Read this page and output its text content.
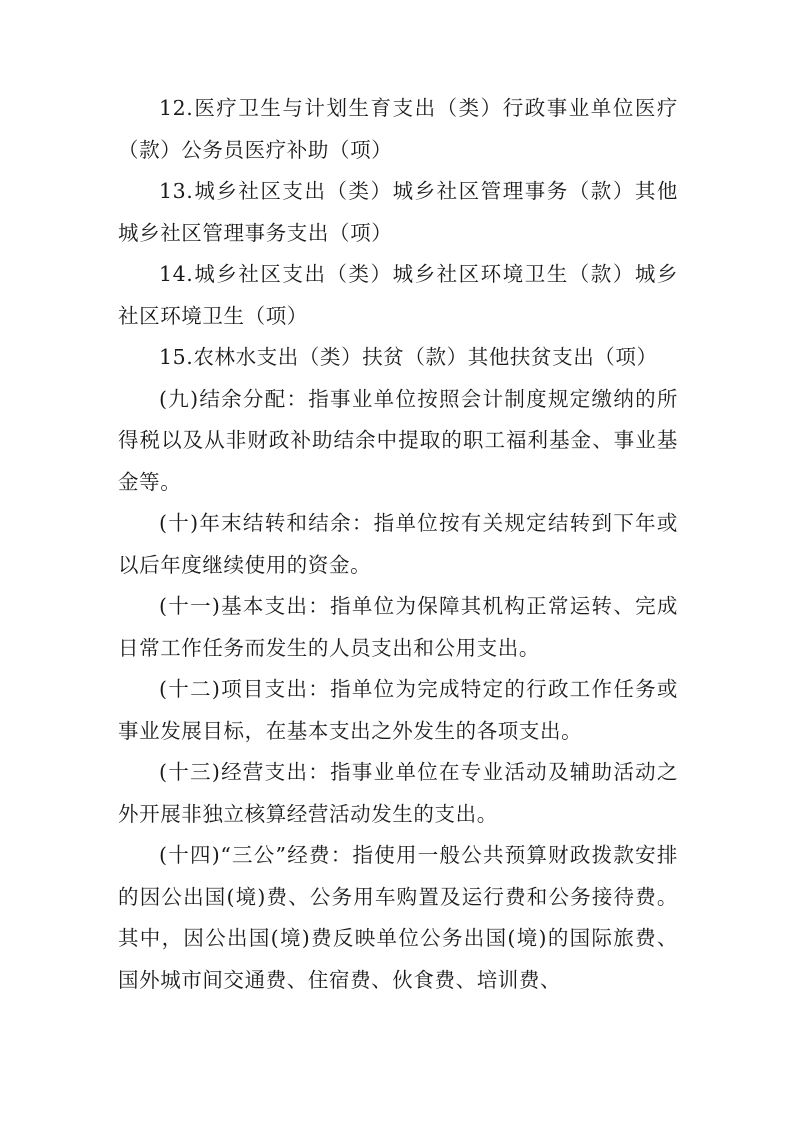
12.医疗卫生与计划生育支出（类）行政事业单位医疗（款）公务员医疗补助（项）

13.城乡社区支出（类）城乡社区管理事务（款）其他城乡社区管理事务支出（项）

14.城乡社区支出（类）城乡社区环境卫生（款）城乡社区环境卫生（项）

15.农林水支出（类）扶贫（款）其他扶贫支出（项）

(九)结余分配：指事业单位按照会计制度规定缴纳的所得税以及从非财政补助结余中提取的职工福利基金、事业基金等。

(十)年末结转和结余：指单位按有关规定结转到下年或以后年度继续使用的资金。

(十一)基本支出：指单位为保障其机构正常运转、完成日常工作任务而发生的人员支出和公用支出。

(十二)项目支出：指单位为完成特定的行政工作任务或事业发展目标，在基本支出之外发生的各项支出。

(十三)经营支出：指事业单位在专业活动及辅助活动之外开展非独立核算经营活动发生的支出。

(十四)“三公”经费：指使用一般公共预算财政拨款安排的因公出国(境)费、公务用车购置及运行费和公务接待费。其中，因公出国(境)费反映单位公务出国(境)的国际旅费、国外城市间交通费、住宿费、伙食费、培训费、
